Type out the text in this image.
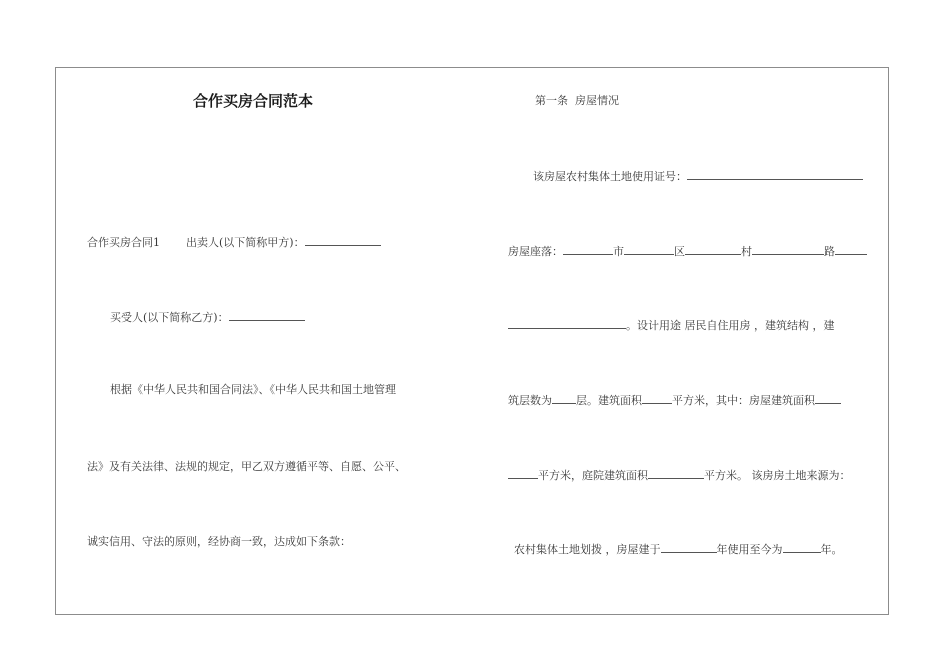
合作买房合同范本
合作买房合同1 出卖人(以下简称甲方)：
买受人(以下简称乙方)：
根据《中华人民共和国合同法》、《中华人民共和国土地管理
法》及有关法律、法规的规定，甲乙双方遵循平等、自愿、公平、
诚实信用、守法的原则，经协商一致，达成如下条款：
第一条  房屋情况
该房屋农村集体土地使用证号：
房屋座落：	市	区	村	路
。设计用途 居民自住用房 ，建筑结构 ，建
筑层数为 层。建筑面积	平方米，其中：房屋建筑面积
平方米，庭院建筑面积	平方米。 该房房土地来源为：
农村集体土地划拨 ，房屋建于	年使用至今为	年。
